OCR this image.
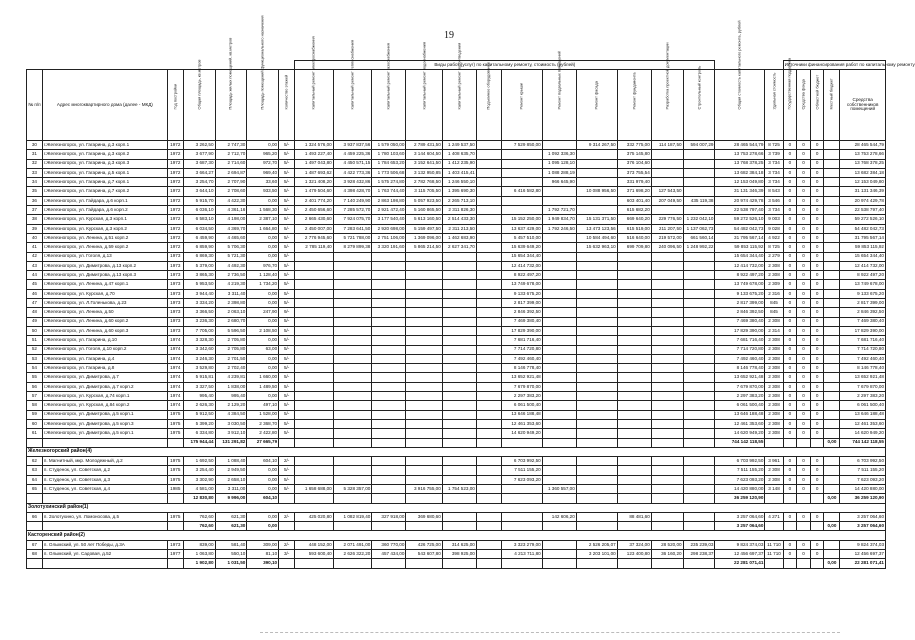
19
							Виды работ (услуг) по капитальному ремонту, стоимость (рублей)														Источники финансирования работ по капитальному ремонту				
№ п/п	Адрес многоквартирного дома (далее - МКД)	Год постройки	Общая площадь, кв.метров	Площадь жилых помещений, кв.метров	Площадь помещений функционального назначения	Количество этажей	Капитальный ремонт электроснабжения	Капитальный ремонт теплоснабжения	Капитальный ремонт газоснабжения	Капитальный ремонт водоснабжения	Капитальный ремонт водоотведения	Подъемное оборудование	Ремонт крыши	Ремонт подвальных помещений	Ремонт фасада	Ремонт фундамента	Разработка проектной документации	Строительный контроль	Общая стоимость капитального ремонта, рублей	Удельная стоимость	Государственная поддержка	Средства фонда	Областной бюджет	Местный бюджет	Средства собственников помещений
30	г.Железногорск, ул. Гагарина, д.3 корп.1	1972	3 262,50	2 747,30	0,00	5/-	1 324 576,00	3 937 837,56	1 579 050,00	2 789 431,50	1 249 537,50		7 529 850,00		9 314 267,50	332 775,00	114 187,50	594 007,29	28 465 544,79	8 725	0	0	0		28 465 544,79
31	г.Железногорск, ул. Гагарина, д.3 корп.2	1972	3 677,90	2 712,70	965,20	5/-	1 493 227,40	4 459 225,36	1 780 103,60	3 144 604,50	1 408 635,70			1 092 336,30		375 145,80			13 753 278,66	3 739	0	0	0		13 753 278,66
32	г.Железногорск, ул. Гагарина, д.3 корп.3	1972	3 687,30	2 714,60	972,70	5/-	1 497 043,80	4 450 571,15	1 784 653,20	3 152 641,50	1 412 235,90			1 095 128,10		376 104,60			13 768 378,25	3 734	0	0	0		13 768 378,25
33	г.Железногорск, ул. Гагарина, д.5 корп.1	1972	3 664,27	2 694,87	969,40	5/-	1 487 693,62	4 422 773,36	1 773 506,68	3 132 950,85	1 403 415,41			1 088 288,19		373 755,54			13 682 384,18	3 734	0	0	0		13 682 384,18
34	г.Железногорск, ул. Гагарина, д.7 корп.1	1972	3 254,70	2 707,90	33,60	5/-	1 321 408,20	3 928 432,86	1 575 274,80	2 782 768,50	1 246 550,10			966 645,90		331 979,40			12 153 049,80	3 734	0	0	0		12 153 049,80
35	г.Железногорск, ул. Гагарина, д.7 корп.2	1972	3 644,10	2 708,60	933,50	5/-	1 479 504,60	4 398 428,70	1 763 744,40	3 115 705,50	1 395 690,30		6 416 582,80		10 088 956,50	371 698,20	127 543,50		31 131 346,39	8 543	0	0	0		31 131 346,39
36	г.Железногорск, ул. Гайдара, д.6 корп.1	1972	5 915,70	4 422,30	0,00	5/-	2 401 774,20	7 140 249,90	2 863 198,80	5 057 923,50	2 265 713,10					603 401,40	207 049,50	435 119,38	20 974 429,78	3 546	0	0	0		20 974 429,78
37	г.Железногорск, ул. Гайдара, д.6 корп.2	1972	6 036,10	4 361,16	1 568,30	5/-	2 450 656,60	7 285 572,70	2 921 472,40	5 160 865,50	2 311 826,30			1 792 721,70		615 682,20			22 538 797,40	3 734	0	0	0		22 538 797,40
38	г.Железногорск, ул. Курская, д.3 корп.1	1972	6 583,10	4 198,00	2 387,10	5/-	2 665 430,60	7 924 075,70	3 177 540,40	5 613 160,50	2 514 433,30		15 152 250,00	1 949 834,70	15 131 371,50	669 640,20	229 776,50	1 232 042,10	59 272 526,10	9 003	0	0	0		59 272 526,10
39	г.Железногорск, ул. Курская, д.3 корп.2	1972	6 034,50	4 369,70	1 664,80	5/-	2 450 007,00	7 283 641,50	2 920 698,00	5 159 497,50	2 311 213,50		13 637 429,00	1 792 246,50	13 473 123,56	615 519,00	211 207,50	1 137 062,73	54 482 042,73	9 028	0	0	0		54 482 042,73
40	г.Железногорск, ул. Ленина, д.51 корп.2	1972	6 459,90	4 465,60	0,00	5/-	2 776 945,60	5 721 788,00	2 751 106,00	1 369 096,00	1 462 683,90		5 457 510,00		10 584 494,60	516 640,00	219 572,00	661 560,14	31 795 567,14	4 922	0	0	0		31 795 567,14
41	г.Железногорск, ул. Ленина, д.59 корп.2	1972	6 859,90	5 706,30	0,00	5/-	2 785 119,40	8 279 899,38	3 320 191,60	5 865 214,50	2 627 341,70		15 639 649,20		15 632 963,10	699 709,80	240 096,50	1 248 992,22	59 853 115,92	8 725	0	0	0		59 853 115,92
42	г.Железногорск, ул. Гоголя, д.13	1973	6 869,30	5 721,30	0,00	5/-							15 654 344,40						15 654 344,40	2 279	0	0	0		15 654 344,40
43	г.Железногорск, ул. Димитрова, д.13 корп.2	1973	5 379,00	4 492,30	976,70	5/-							12 414 732,00						12 414 732,00	2 308	0	0	0		12 414 732,00
44	г.Железногорск, ул. Димитрова, д.13 корп.3	1973	3 865,30	2 736,50	1 128,40	5/-							8 922 497,20						8 922 497,20	2 308	0	0	0		8 922 497,20
45	г.Железногорск, ул. Ленина, д.47 корп.1	1973	5 953,50	4 219,30	1 734,20	5/-							13 749 678,00						13 749 678,00	2 309	0	0	0		13 749 678,00
46	г.Железногорск, ул. Курская, д.70	1973	3 944,40	3 311,40	0,00	5/-							9 133 675,20						9 133 675,20	2 316	0	0	0		9 133 675,20
47	г.Железногорск, ул. Л.Голенькова, д.23	1973	3 334,20	2 398,80	0,00	5/-							2 817 399,00						2 817 399,00	845	0	0	0		2 817 399,00
48	г.Железногорск, ул. Ленина, д.50	1973	3 366,50	2 063,10	247,90	9/-							2 846 392,50						2 846 392,50	845	0	0	0		2 846 392,50
49	г.Железногорск, ул. Ленина, д.60 корп.2	1973	3 236,30	2 680,70	0,00	5/-							7 469 380,40						7 469 380,40	2 308	0	0	0		7 469 380,40
50	г.Железногорск, ул. Ленина, д.60 корп.3	1973	7 705,00	5 596,50	2 108,50	5/-							17 829 390,00						17 829 390,00	2 314	0	0	0		17 829 390,00
51	г.Железногорск, ул. Гагарина, д.10	1974	3 328,30	2 705,80	0,00	5/-							7 681 716,40						7 681 716,40	2 308	0	0	0		7 681 716,40
52	г.Железногорск, ул. Гоголя, д.10 корп.2	1974	3 342,60	2 705,80	63,00	5/-							7 714 720,80						7 714 720,80	2 308	0	0	0		7 714 720,80
53	г.Железногорск, ул. Гагарина, д.4	1974	3 246,30	2 701,50	0,00	5/-							7 492 460,40						7 492 460,40	2 308	0	0	0		7 492 460,40
54	г.Железногорск, ул. Гагарина, д.8	1974	3 529,80	2 702,40	0,00	5/-							8 146 778,40						8 146 778,40	2 308	0	0	0		8 146 778,40
55	г.Железногорск, ул. Димитрова, д.7	1974	5 915,81	4 239,81	1 660,00	5/-							13 652 921,48						13 652 921,48	2 308	0	0	0		13 652 921,48
56	г.Железногорск, ул. Димитрова, д.7 корп.2	1974	3 327,50	1 838,00	1 489,50	5/-							7 679 870,00						7 679 870,00	2 308	0	0	0		7 679 870,00
57	г.Железногорск, ул. Курская, д.74 корп.1	1974	995,40	995,40	0,00	5/-							2 297 383,20						2 297 383,20	2 308	0	0	0		2 297 383,20
58	г.Железногорск, ул. Курская, д.84 корп.2	1974	2 626,30	2 129,20	497,10	5/-							6 061 500,40						6 061 500,40	2 308	0	0	0		6 061 500,40
59	г.Железногорск, ул. Димитрова, д.5 корп.1	1975	5 912,50	4 384,50	1 528,00	5/-							13 646 188,48						13 646 188,48	2 308	0	0	0		13 646 188,48
60	г.Железногорск, ул. Димитрова, д.5 корп.3	1975	5 399,20	3 030,50	2 368,70	5/-							12 461 353,60						12 461 353,60	2 308	0	0	0		12 461 353,60
61	г.Железногорск, ул. Димитрова, д.5 корп.1	1975	6 334,80	3 912,10	2 422,80	5/-							14 620 949,20						14 620 949,20	2 308	0	0	0		14 620 949,20
			175 944,44	131 291,82	27 665,79														744 142 118,55					0,00	744 142 118,55
Железногорский район(4)																									
62	п. Магнитный, мкр. Молодежный, д.2	1975	1 692,50	1 088,40	604,10	2/-							6 703 992,50						6 703 992,50	3 961	0	0	0		6 703 992,50
63	п. Студенок, ул. Советская, д.2	1975	3 254,40	2 949,50	0,00	5/-							7 511 155,20						7 511 155,20	2 308	0	0	0		7 511 155,20
64	п. Студенок, ул. Советская, д.3	1975	3 302,90	2 658,10	0,00	5/-							7 623 093,20						7 623 093,20	2 308	0	0	0		7 623 093,20
65	п. Студенок, ул. Советская, д.4	1985	4 581,00	3 311,00	0,00	5/-	1 658 688,00	5 328 357,00		3 916 755,00	1 754 523,00			1 360 557,00					14 420 880,00	3 148	0	0	0		14 420 880,00
			12 830,80	9 996,00	604,10														36 259 120,90					0,00	36 259 120,90
Золотухинский район(1)																									
66	п. Золотухино, ул. Ломоносова, д.5	1975	762,60	621,30	0,00	2/-	425 020,80	1 082 819,40	327 918,00	369 680,60				142 606,20		88 481,60			3 257 064,60	4 271	0	0	0		3 257 064,60
			762,60	621,30	0,00														3 257 064,60					0,00	3 257 064,60
Касторенский район(2)																									
67	п. Олымский, ул. 50 лет Победы, д.3А	1973	839,00	581,40	309,00	2/-	448 152,00	2 071 491,00	360 770,00	426 725,00	314 625,00		3 323 279,00		2 526 205,07	37 324,00	28 520,00	235 239,03	9 824 374,03	11 710	0	0	0		9 824 374,03
68	п. Олымский, ул. Садовая, д.52	1977	1 063,80	550,10	81,10	3/-	593 600,40	2 626 322,20	457 434,00	543 607,80	398 925,00		4 213 711,80		3 203 101,00	123 400,80	36 160,20	298 238,37	12 456 697,37	11 710	0	0	0		12 456 697,37
			1 902,80	1 031,50	390,10														22 281 071,41					0,00	22 281 071,41
